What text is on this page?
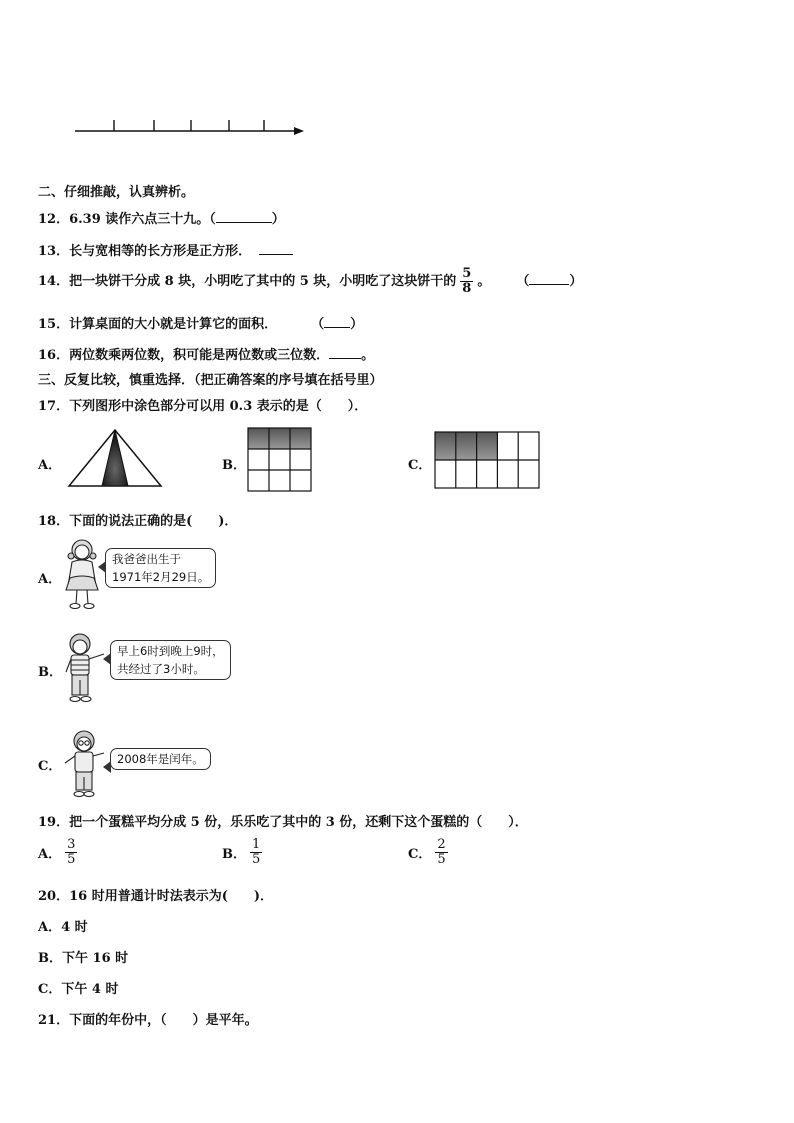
二、仔细推敲，认真辨析。
12．6.39 读作六点三十九。（	）
13．长与宽相等的长方形是正方形．
14．把一块饼干分成 8 块，小明吃了其中的 5 块，小明吃了这块饼干的 $\frac{5}{8}$ 。 （	）
15．计算桌面的大小就是计算它的面积．	（ ）
16．两位数乘两位数，积可能是两位数或三位数． 。
三、反复比较，慎重选择．（把正确答案的序号填在括号里）
17．下列图形中涂色部分可以用 0.3 表示的是（　　）．
A．	B．	C．
18．下面的说法正确的是(　　)．
A．
我爸爸出生于
1971年2月29日。
B．
早上6时到晚上9时，
共经过了3小时。
C．	2008年是闰年。
19．把一个蛋糕平均分成 5 份，乐乐吃了其中的 3 份，还剩下这个蛋糕的（　　）．
A． $\frac{3}{5}$	B． $\frac{1}{5}$	C． $\frac{2}{5}$
20．16 时用普通计时法表示为(　　)．
A．4 时
B．下午 16 时
C．下午 4 时
21．下面的年份中，（　　）是平年。
